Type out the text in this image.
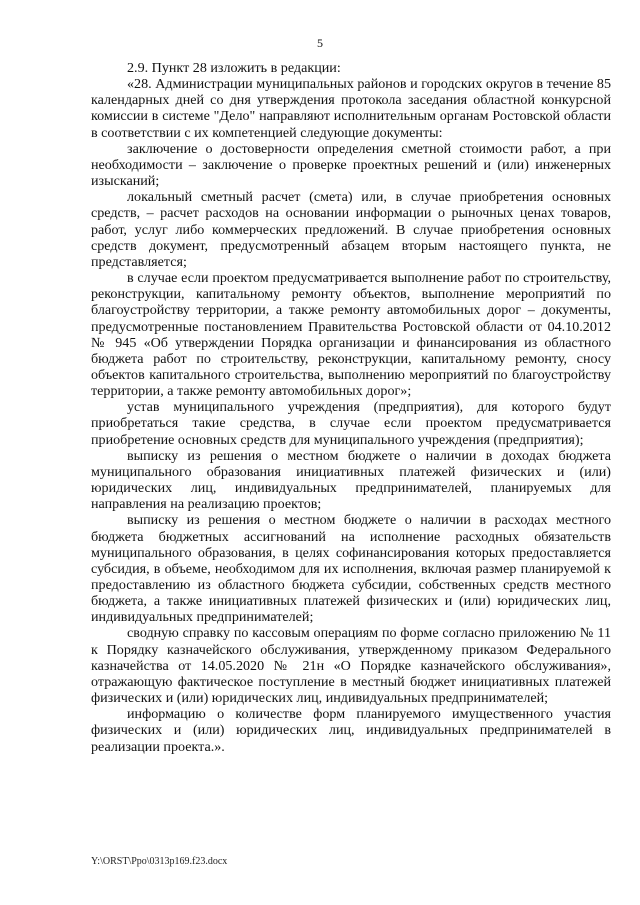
5

2.9. Пункт 28 изложить в редакции:

«28. Администрации муниципальных районов и городских округов в течение 85 календарных дней со дня утверждения протокола заседания областной конкурсной комиссии в системе "Дело" направляют исполнительным органам Ростовской области в соответствии с их компетенцией следующие документы:

заключение о достоверности определения сметной стоимости работ, а при необходимости – заключение о проверке проектных решений и (или) инженерных изысканий;

локальный сметный расчет (смета) или, в случае приобретения основных средств, – расчет расходов на основании информации о рыночных ценах товаров, работ, услуг либо коммерческих предложений. В случае приобретения основных средств документ, предусмотренный абзацем вторым настоящего пункта, не представляется;

в случае если проектом предусматривается выполнение работ по строительству, реконструкции, капитальному ремонту объектов, выполнение мероприятий по благоустройству территории, а также ремонту автомобильных дорог – документы, предусмотренные постановлением Правительства Ростовской области от 04.10.2012 № 945 «Об утверждении Порядка организации и финансирования из областного бюджета работ по строительству, реконструкции, капитальному ремонту, сносу объектов капитального строительства, выполнению мероприятий по благоустройству территории, а также ремонту автомобильных дорог»;

устав муниципального учреждения (предприятия), для которого будут приобретаться такие средства, в случае если проектом предусматривается приобретение основных средств для муниципального учреждения (предприятия);

выписку из решения о местном бюджете о наличии в доходах бюджета муниципального образования инициативных платежей физических и (или) юридических лиц, индивидуальных предпринимателей, планируемых для направления на реализацию проектов;

выписку из решения о местном бюджете о наличии в расходах местного бюджета бюджетных ассигнований на исполнение расходных обязательств муниципального образования, в целях софинансирования которых предоставляется субсидия, в объеме, необходимом для их исполнения, включая размер планируемой к предоставлению из областного бюджета субсидии, собственных средств местного бюджета, а также инициативных платежей физических и (или) юридических лиц, индивидуальных предпринимателей;

сводную справку по кассовым операциям по форме согласно приложению № 11 к Порядку казначейского обслуживания, утвержденному приказом Федерального казначейства от 14.05.2020 № 21н «О Порядке казначейского обслуживания», отражающую фактическое поступление в местный бюджет инициативных платежей физических и (или) юридических лиц, индивидуальных предпринимателей;

информацию о количестве форм планируемого имущественного участия физических и (или) юридических лиц, индивидуальных предпринимателей в реализации проекта.».

Y:\ORST\Ppo\0313p169.f23.docx
